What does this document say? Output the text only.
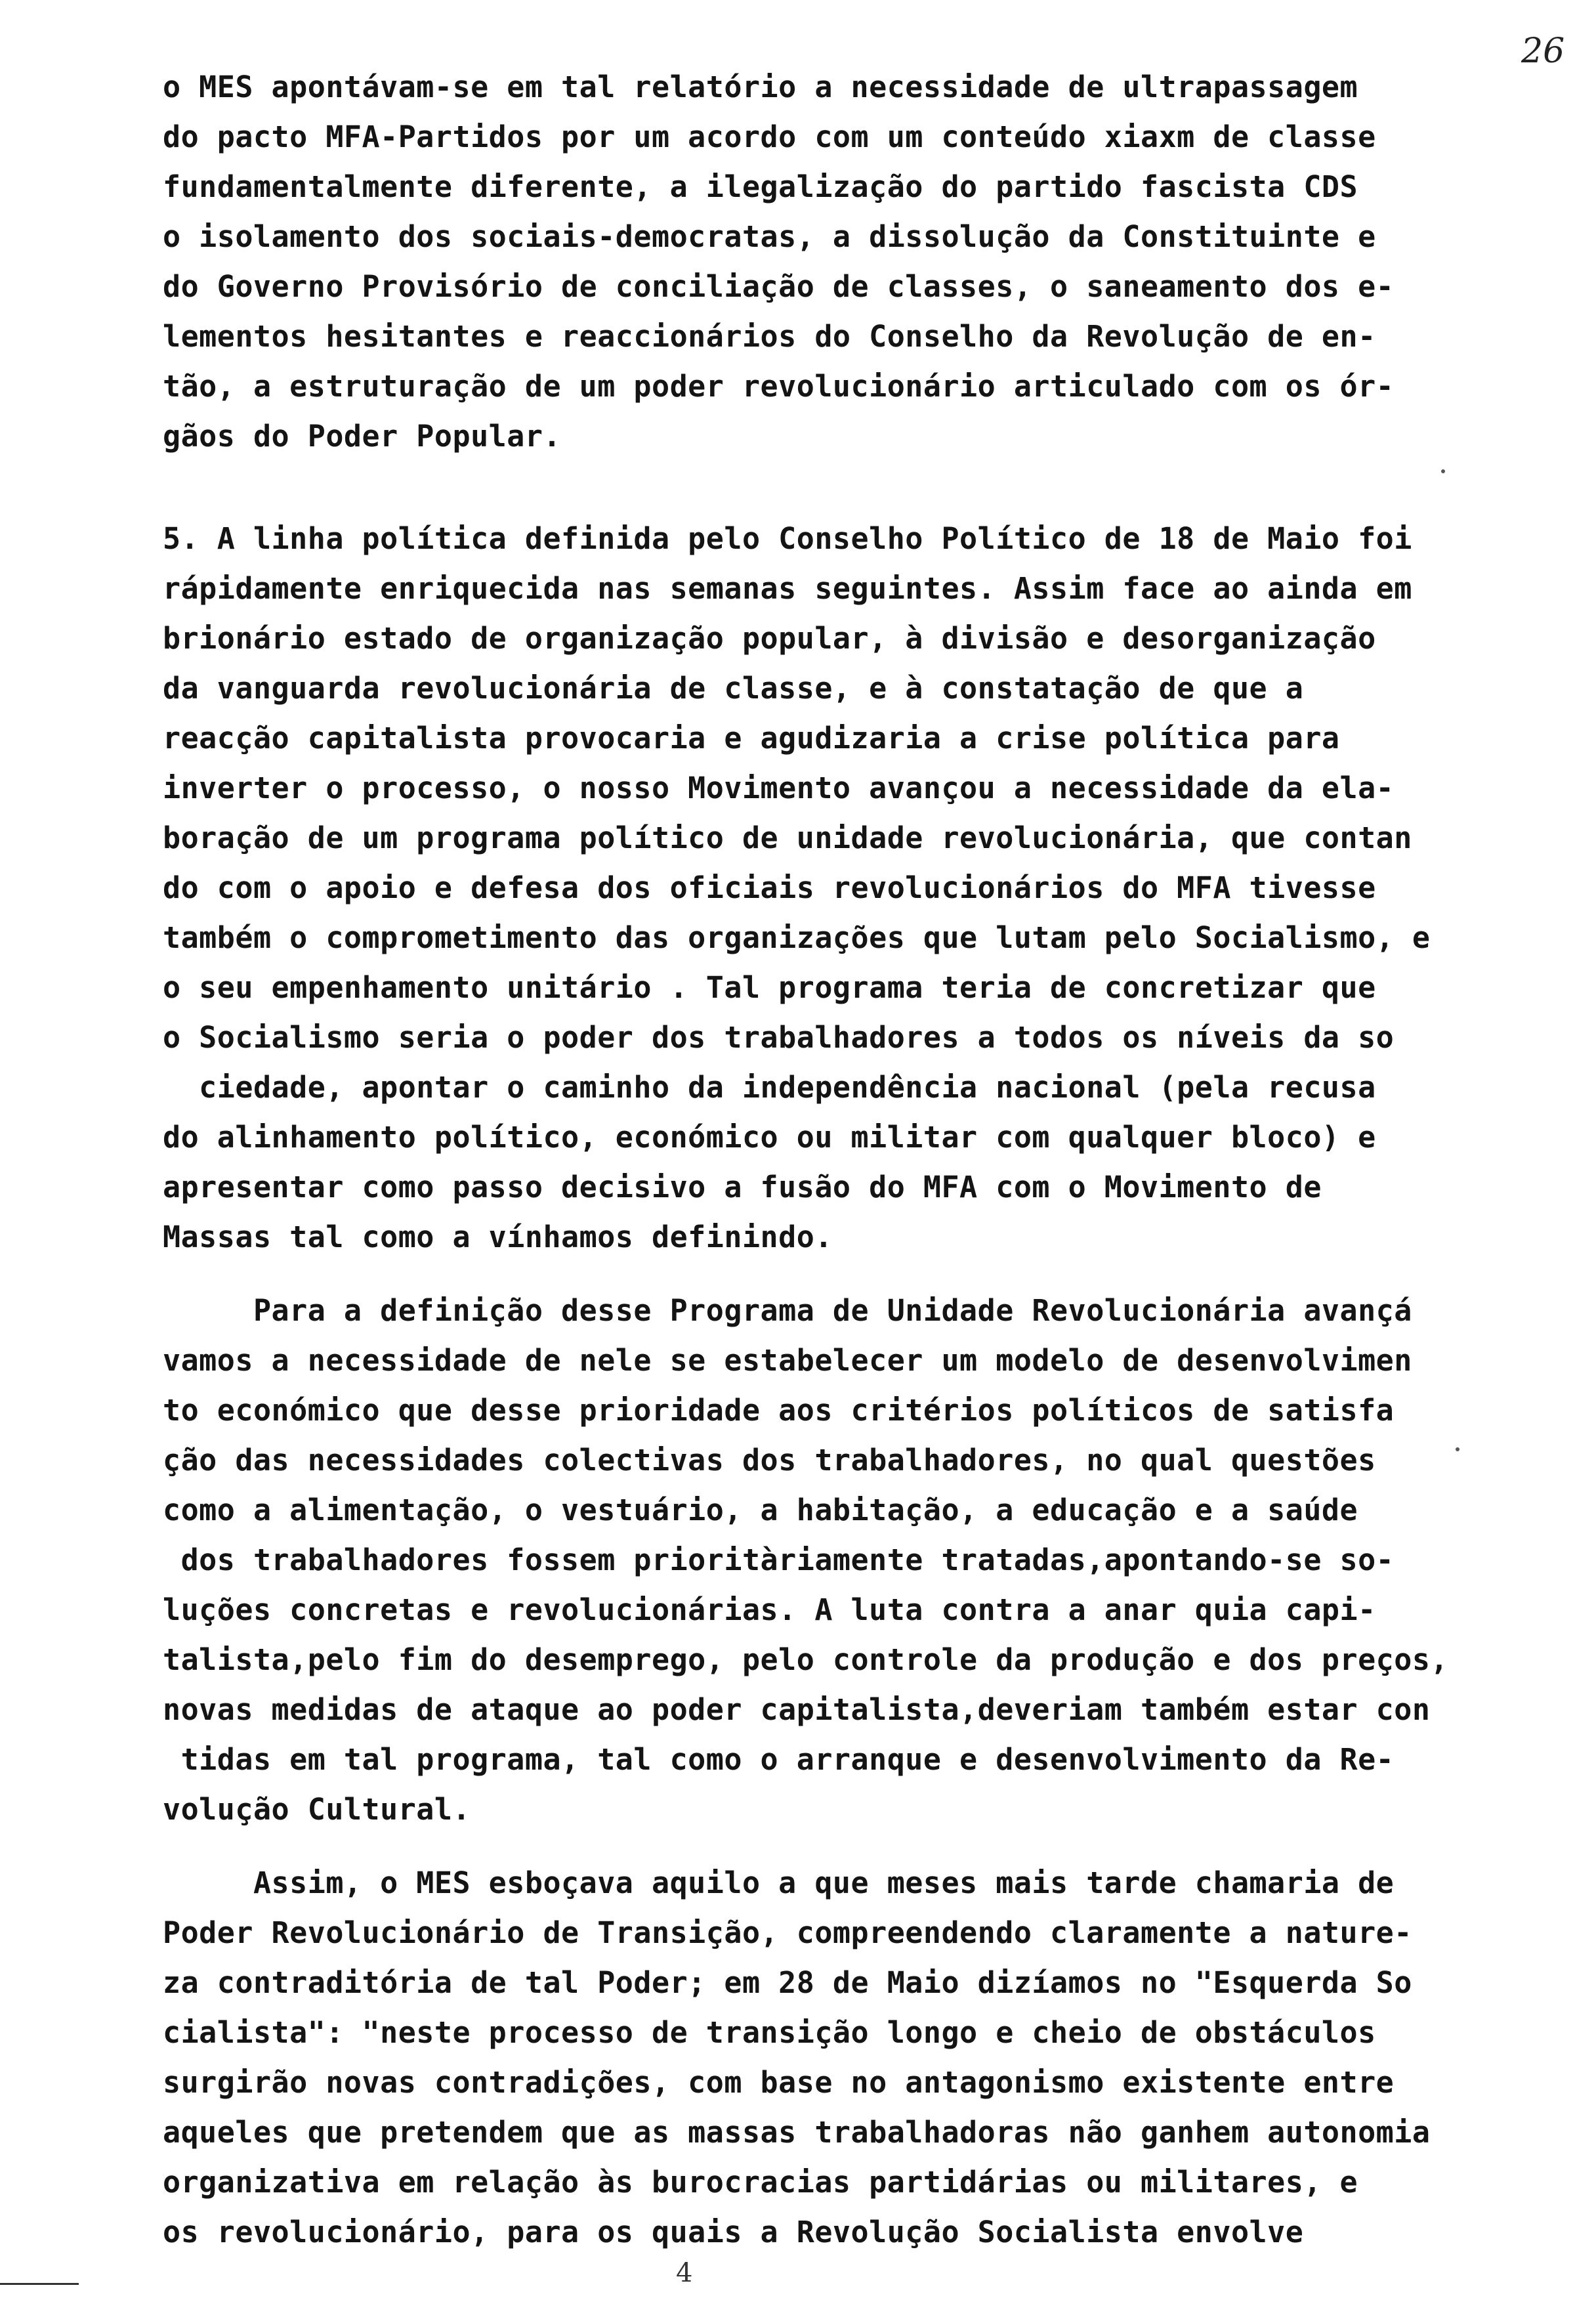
26
o MES apontávam-se em tal relatório a necessidade de ultrapassagem
do pacto MFA-Partidos por um acordo com um conteúdo xiaxm de classe
fundamentalmente diferente, a ilegalização do partido fascista CDS
o isolamento dos sociais-democratas, a dissolução da Constituinte e
do Governo Provisório de conciliação de classes, o saneamento dos e-
lementos hesitantes e reaccionários do Conselho da Revolução de en-
tão, a estruturação de um poder revolucionário articulado com os ór-
gãos do Poder Popular.
5. A linha política definida pelo Conselho Político de 18 de Maio foi
rápidamente enriquecida nas semanas seguintes. Assim face ao ainda em
brionário estado de organização popular, à divisão e desorganização
da vanguarda revolucionária de classe, e à constatação de que a
reacção capitalista provocaria e agudizaria a crise política para
inverter o processo, o nosso Movimento avançou a necessidade da ela-
boração de um programa político de unidade revolucionária, que contan
do com o apoio e defesa dos oficiais revolucionários do MFA tivesse
também o comprometimento das organizações que lutam pelo Socialismo, e
o seu empenhamento unitário . Tal programa teria de concretizar que
o Socialismo seria o poder dos trabalhadores a todos os níveis da so
ciedade, apontar o caminho da independência nacional (pela recusa
do alinhamento político, económico ou militar com qualquer bloco) e
apresentar como passo decisivo a fusão do MFA com o Movimento de
Massas tal como a vínhamos definindo.
Para a definição desse Programa de Unidade Revolucionária avançá
vamos a necessidade de nele se estabelecer um modelo de desenvolvimen
to económico que desse prioridade aos critérios políticos de satisfa
ção das necessidades colectivas dos trabalhadores, no qual questões
como a alimentação, o vestuário, a habitação, a educação e a saúde
dos trabalhadores fossem prioritàriamente tratadas,apontando-se so-
luções concretas e revolucionárias. A luta contra a anar quia capi-
talista,pelo fim do desemprego, pelo controle da produção e dos preços,
novas medidas de ataque ao poder capitalista,deveriam também estar con
tidas em tal programa, tal como o arranque e desenvolvimento da Re-
volução Cultural.
Assim, o MES esboçava aquilo a que meses mais tarde chamaria de
Poder Revolucionário de Transição, compreendendo claramente a nature-
za contraditória de tal Poder; em 28 de Maio dizíamos no "Esquerda So
cialista": "neste processo de transição longo e cheio de obstáculos
surgirão novas contradições, com base no antagonismo existente entre
aqueles que pretendem que as massas trabalhadoras não ganhem autonomia
organizativa em relação às burocracias partidárias ou militares, e
os revolucionário, para os quais a Revolução Socialista envolve
4
